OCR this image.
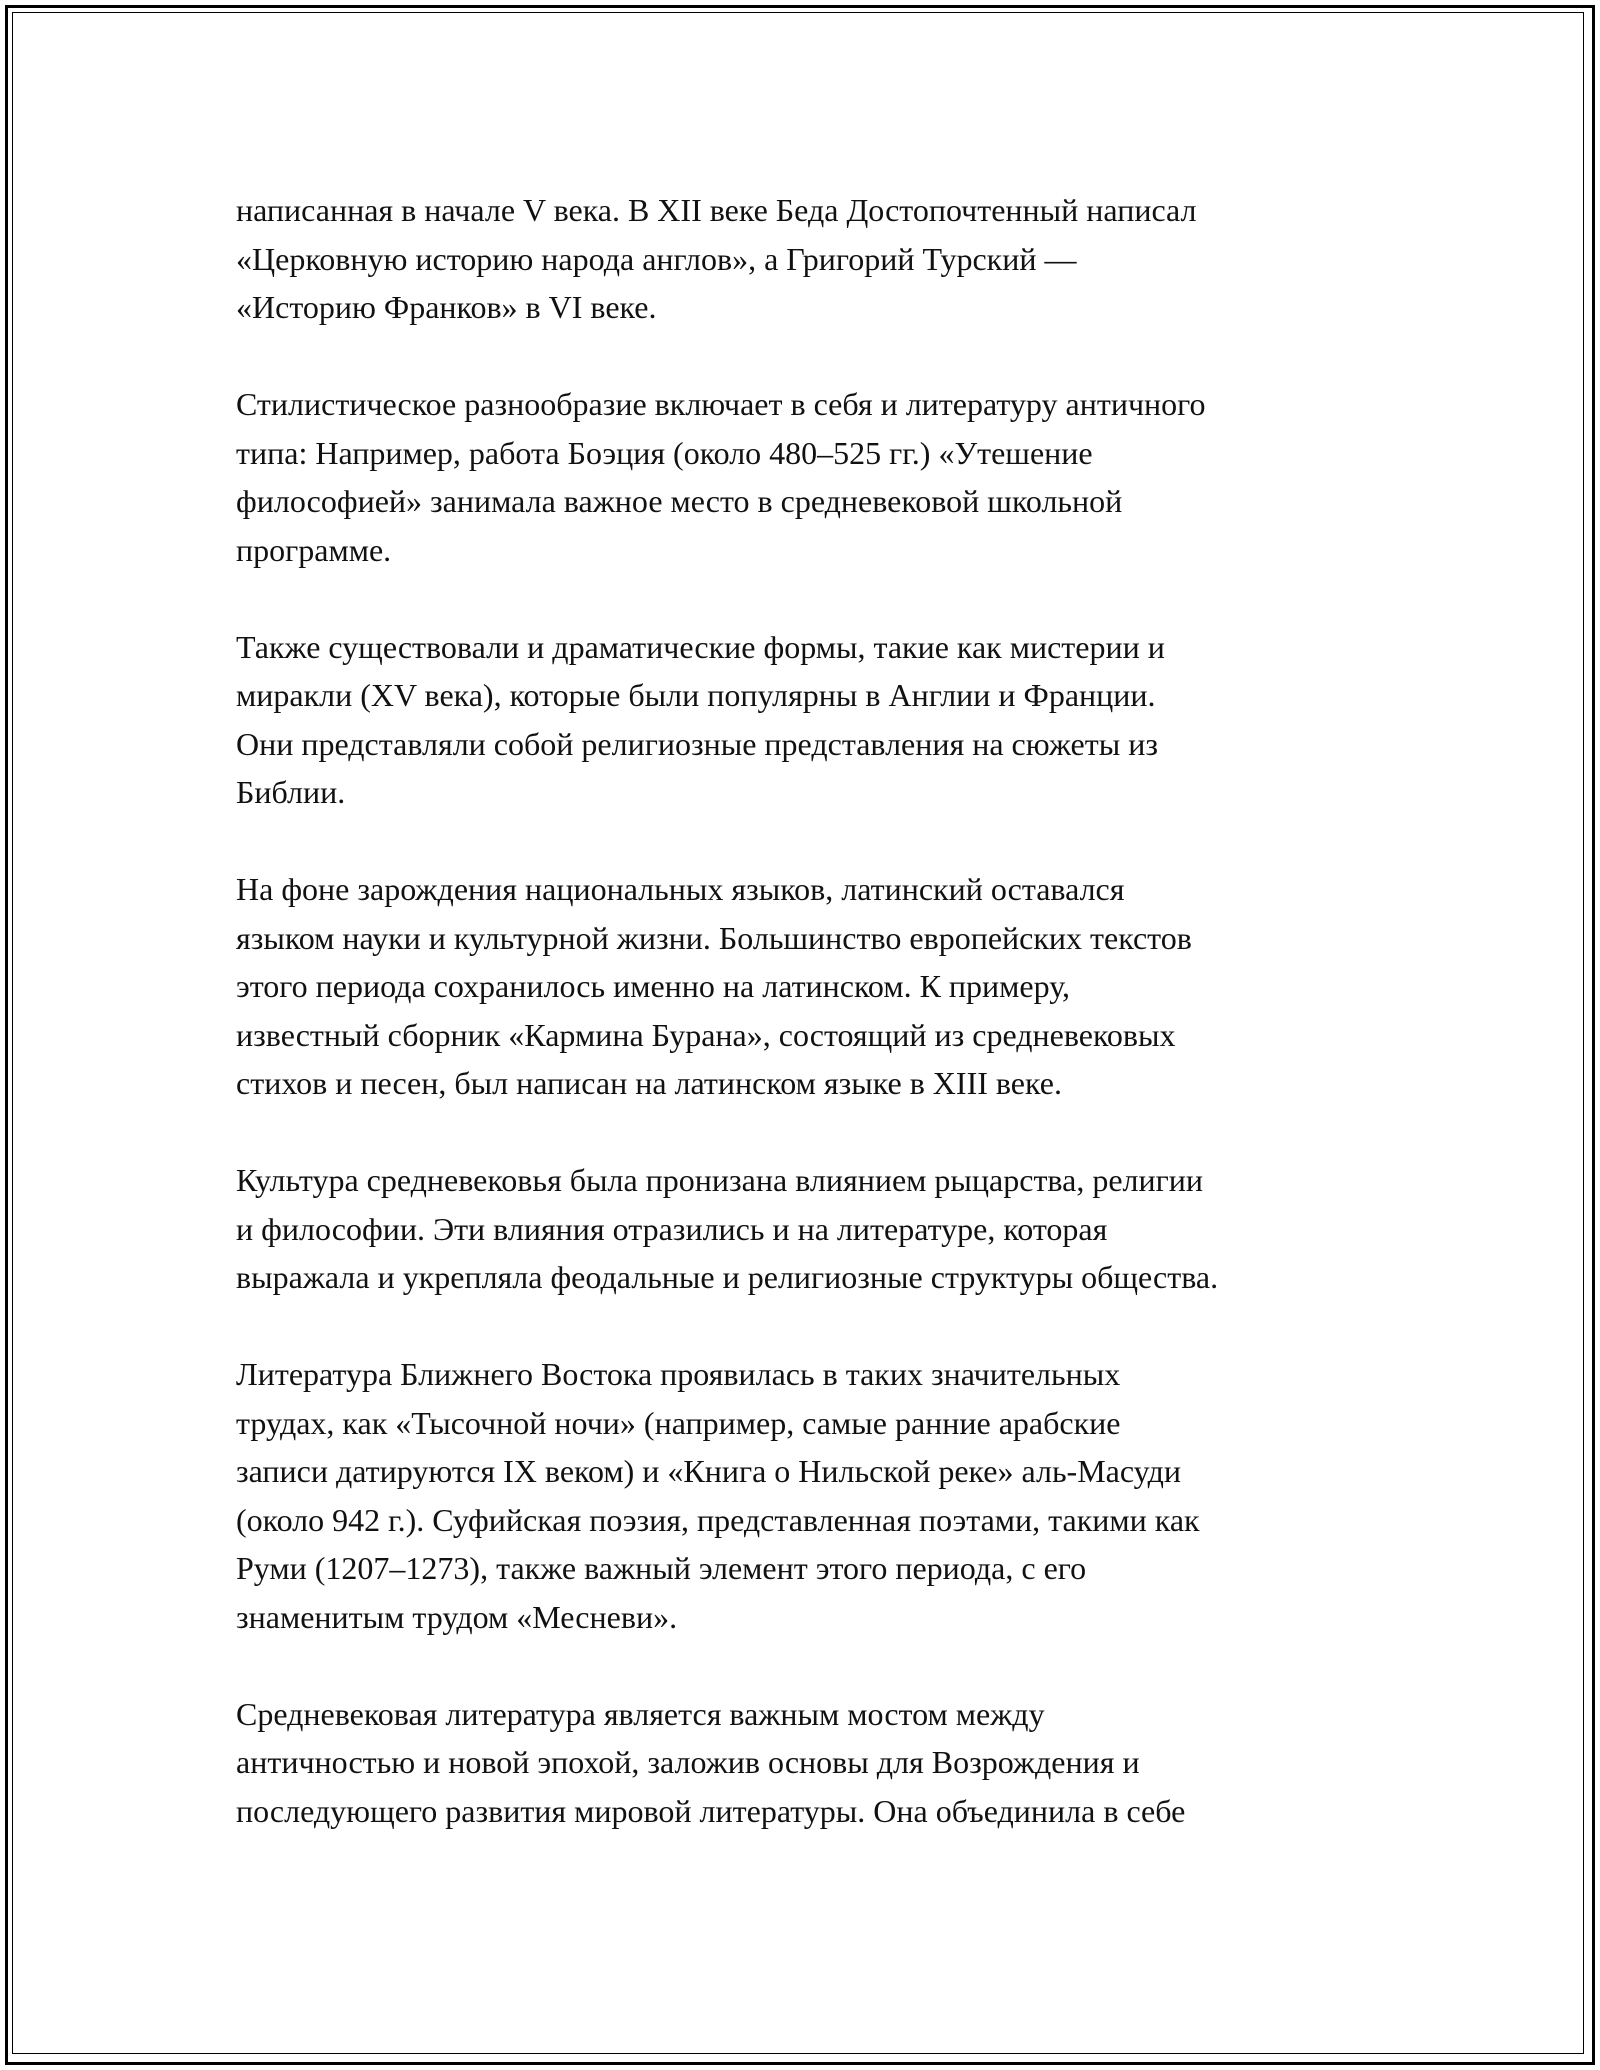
написанная в начале V века. В XII веке Беда Достопочтенный написал
«Церковную историю народа англов», а Григорий Турский —
«Историю Франков» в VI веке.

Стилистическое разнообразие включает в себя и литературу античного
типа: Например, работа Боэция (около 480–525 гг.) «Утешение
философией» занимала важное место в средневековой школьной
программе.

Также существовали и драматические формы, такие как мистерии и
миракли (XV века), которые были популярны в Англии и Франции.
Они представляли собой религиозные представления на сюжеты из
Библии.

На фоне зарождения национальных языков, латинский оставался
языком науки и культурной жизни. Большинство европейских текстов
этого периода сохранилось именно на латинском. К примеру,
известный сборник «Кармина Бурана», состоящий из средневековых
стихов и песен, был написан на латинском языке в XIII веке.

Культура средневековья была пронизана влиянием рыцарства, религии
и философии. Эти влияния отразились и на литературе, которая
выражала и укрепляла феодальные и религиозные структуры общества.

Литература Ближнего Востока проявилась в таких значительных
трудах, как «Тысочной ночи» (например, самые ранние арабские
записи датируются IX веком) и «Книга о Нильской реке» аль-Масуди
(около 942 г.). Суфийская поэзия, представленная поэтами, такими как
Руми (1207–1273), также важный элемент этого периода, с его
знаменитым трудом «Месневи».

Средневековая литература является важным мостом между
античностью и новой эпохой, заложив основы для Возрождения и
последующего развития мировой литературы. Она объединила в себе
